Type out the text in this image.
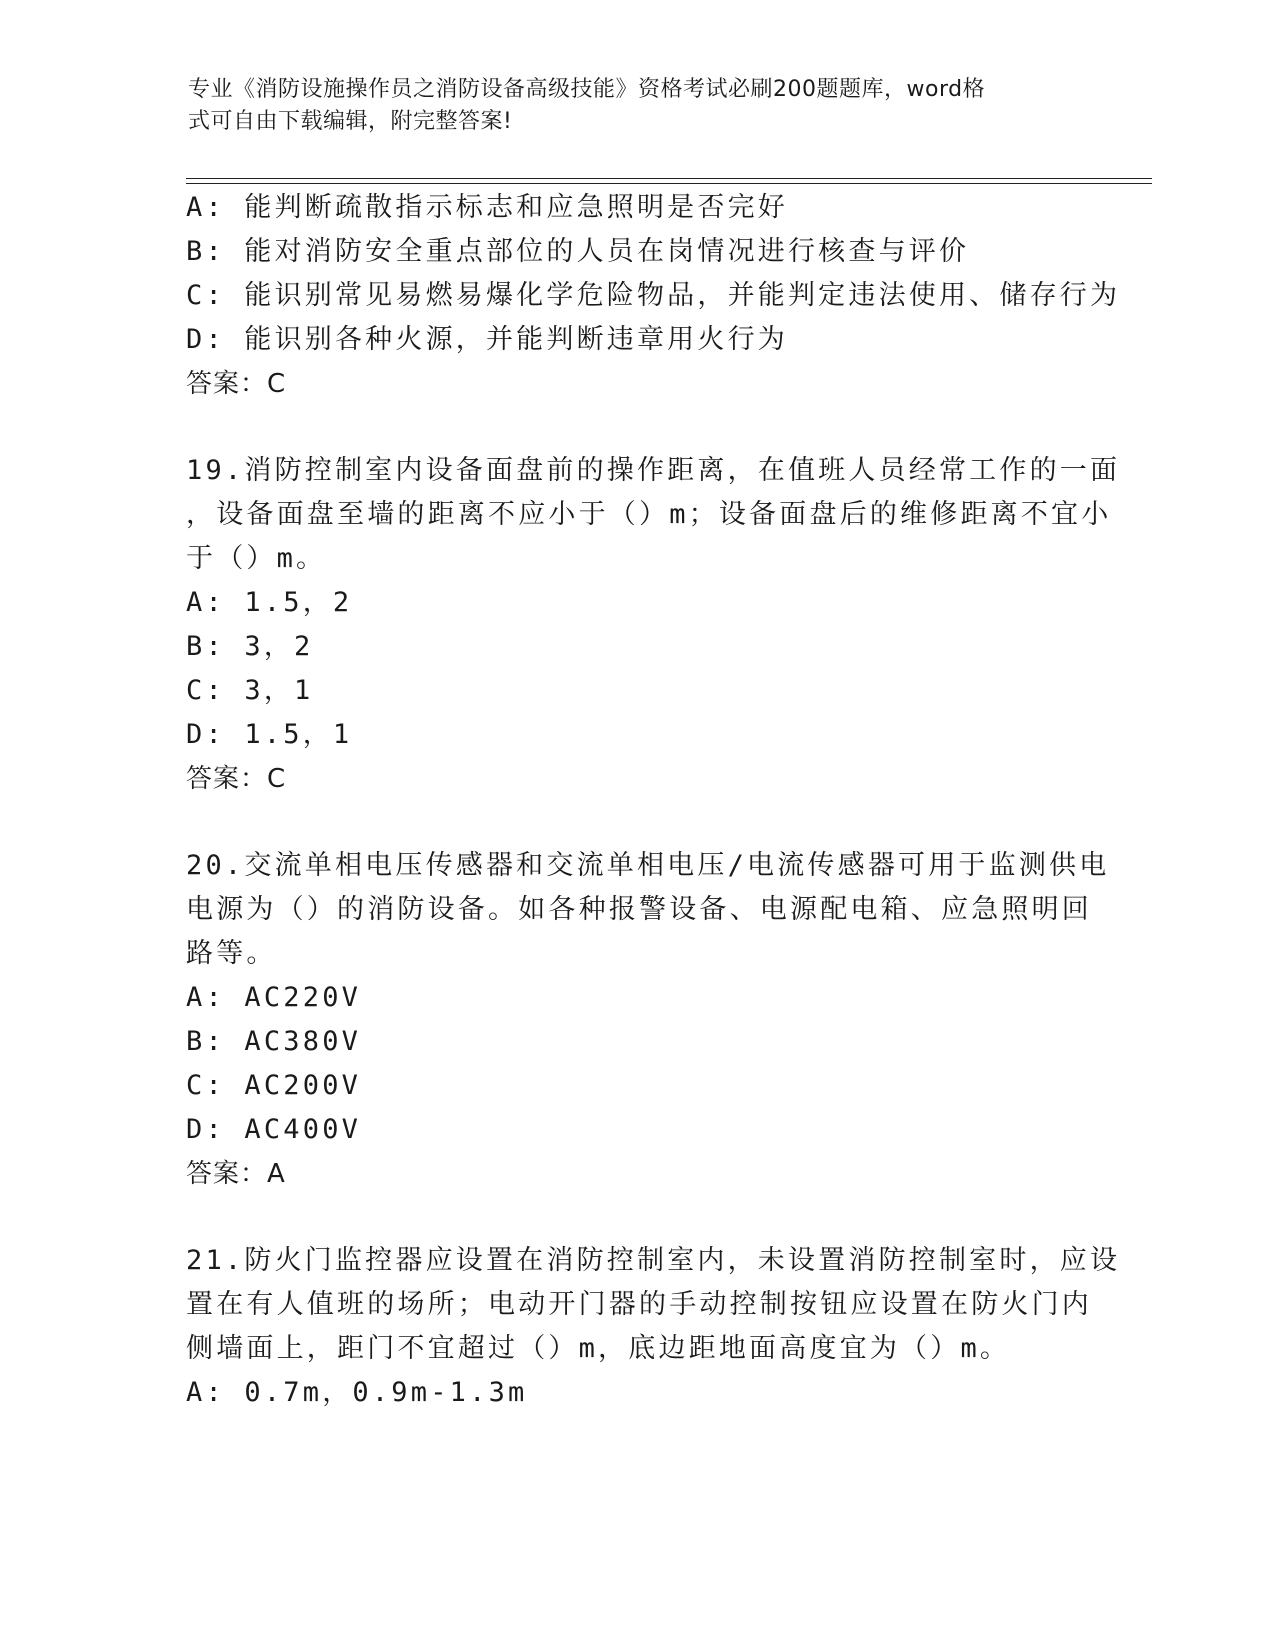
专业《消防设施操作员之消防设备高级技能》资格考试必刷200题题库，word格
式可自由下载编辑，附完整答案!
A: 能判断疏散指示标志和应急照明是否完好
B: 能对消防安全重点部位的人员在岗情况进行核查与评价
C: 能识别常见易燃易爆化学危险物品，并能判定违法使用、储存行为
D: 能识别各种火源，并能判断违章用火行为
答案：C
19.消防控制室内设备面盘前的操作距离，在值班人员经常工作的一面
，设备面盘至墙的距离不应小于（）m；设备面盘后的维修距离不宜小
于（）m。
A: 1.5，2
B: 3，2
C: 3，1
D: 1.5，1
答案：C
20.交流单相电压传感器和交流单相电压/电流传感器可用于监测供电
电源为（）的消防设备。如各种报警设备、电源配电箱、应急照明回
路等。
A: AC220V
B: AC380V
C: AC200V
D: AC400V
答案：A
21.防火门监控器应设置在消防控制室内，未设置消防控制室时，应设
置在有人值班的场所；电动开门器的手动控制按钮应设置在防火门内
侧墙面上，距门不宜超过（）m，底边距地面高度宜为（）m。
A: 0.7m，0.9m-1.3m
